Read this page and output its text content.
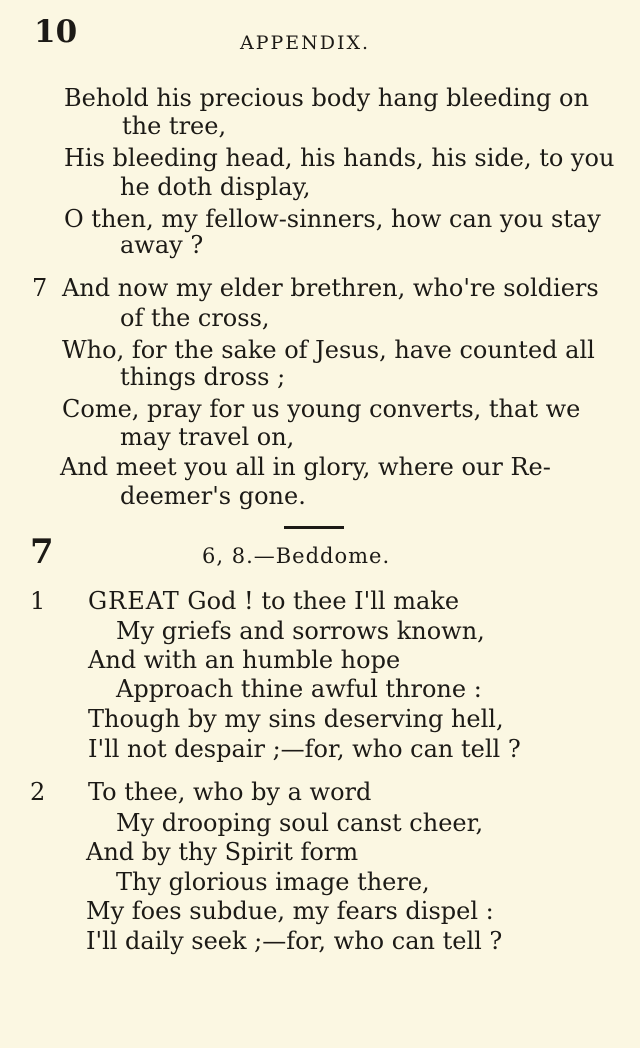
10	APPENDIX.
Behold his precious body hang bleeding on
the tree,
His bleeding head, his hands, his side, to you
he doth display,
O then, my fellow-sinners, how can you stay
away ?
7 And now my elder brethren, who're soldiers
of the cross,
Who, for the sake of Jesus, have counted all
things dross ;
Come, pray for us young converts, that we
may travel on,
And meet you all in glory, where our Re-
deemer's gone.
7	6, 8.—Beddome.
1 GREAT God ! to thee I'll make
My griefs and sorrows known,
And with an humble hope
Approach thine awful throne :
Though by my sins deserving hell,
I'll not despair ;—for, who can tell ?
2 To thee, who by a word
My drooping soul canst cheer,
And by thy Spirit form
Thy glorious image there,
My foes subdue, my fears dispel :
I'll daily seek ;—for, who can tell ?
